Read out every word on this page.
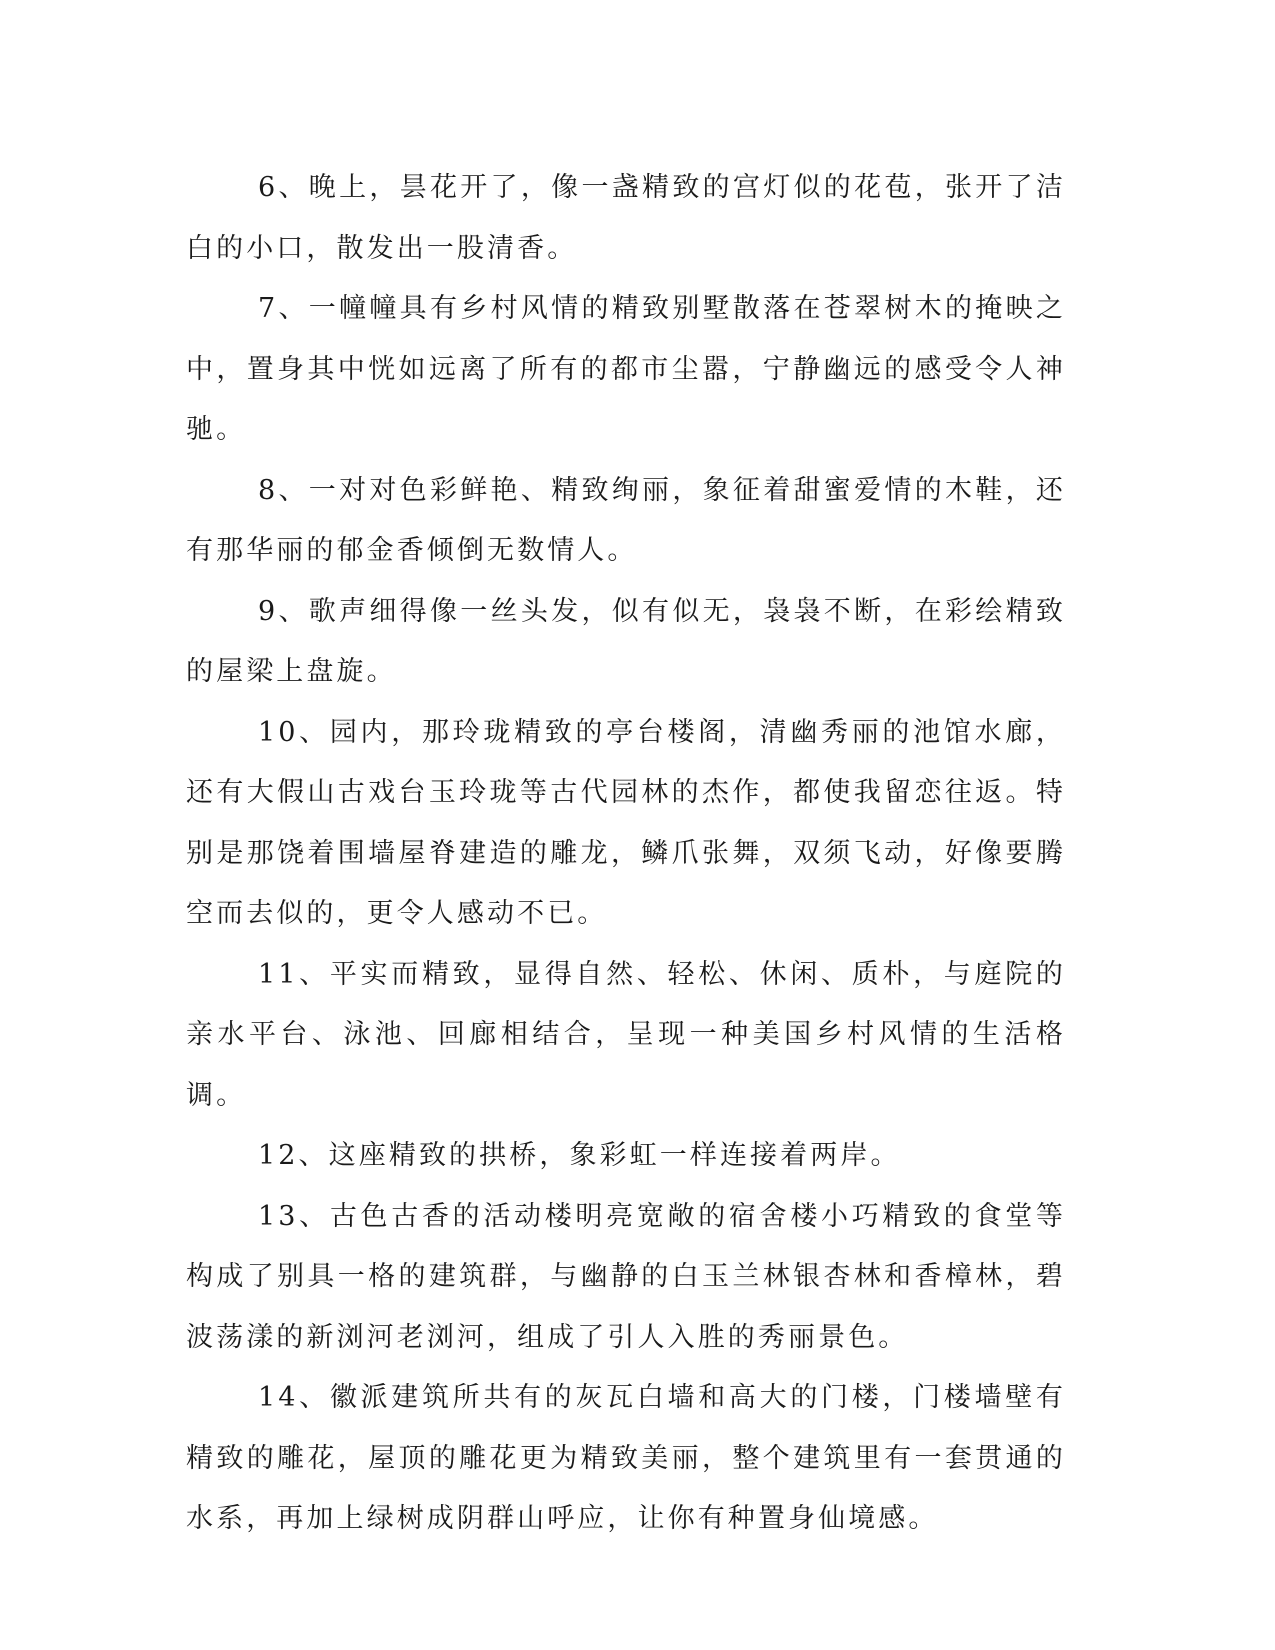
6、晚上，昙花开了，像一盏精致的宫灯似的花苞，张开了洁白的小口，散发出一股清香。

7、一幢幢具有乡村风情的精致别墅散落在苍翠树木的掩映之中，置身其中恍如远离了所有的都市尘嚣，宁静幽远的感受令人神驰。

8、一对对色彩鲜艳、精致绚丽，象征着甜蜜爱情的木鞋，还有那华丽的郁金香倾倒无数情人。

9、歌声细得像一丝头发，似有似无，袅袅不断，在彩绘精致的屋梁上盘旋。

10、园内，那玲珑精致的亭台楼阁，清幽秀丽的池馆水廊，还有大假山古戏台玉玲珑等古代园林的杰作，都使我留恋往返。特别是那饶着围墙屋脊建造的雕龙，鳞爪张舞，双须飞动，好像要腾空而去似的，更令人感动不已。

11、平实而精致，显得自然、轻松、休闲、质朴，与庭院的亲水平台、泳池、回廊相结合，呈现一种美国乡村风情的生活格调。

12、这座精致的拱桥，象彩虹一样连接着两岸。

13、古色古香的活动楼明亮宽敞的宿舍楼小巧精致的食堂等构成了别具一格的建筑群，与幽静的白玉兰林银杏林和香樟林，碧波荡漾的新浏河老浏河，组成了引人入胜的秀丽景色。

14、徽派建筑所共有的灰瓦白墙和高大的门楼，门楼墙壁有精致的雕花，屋顶的雕花更为精致美丽，整个建筑里有一套贯通的水系，再加上绿树成阴群山呼应，让你有种置身仙境感。
